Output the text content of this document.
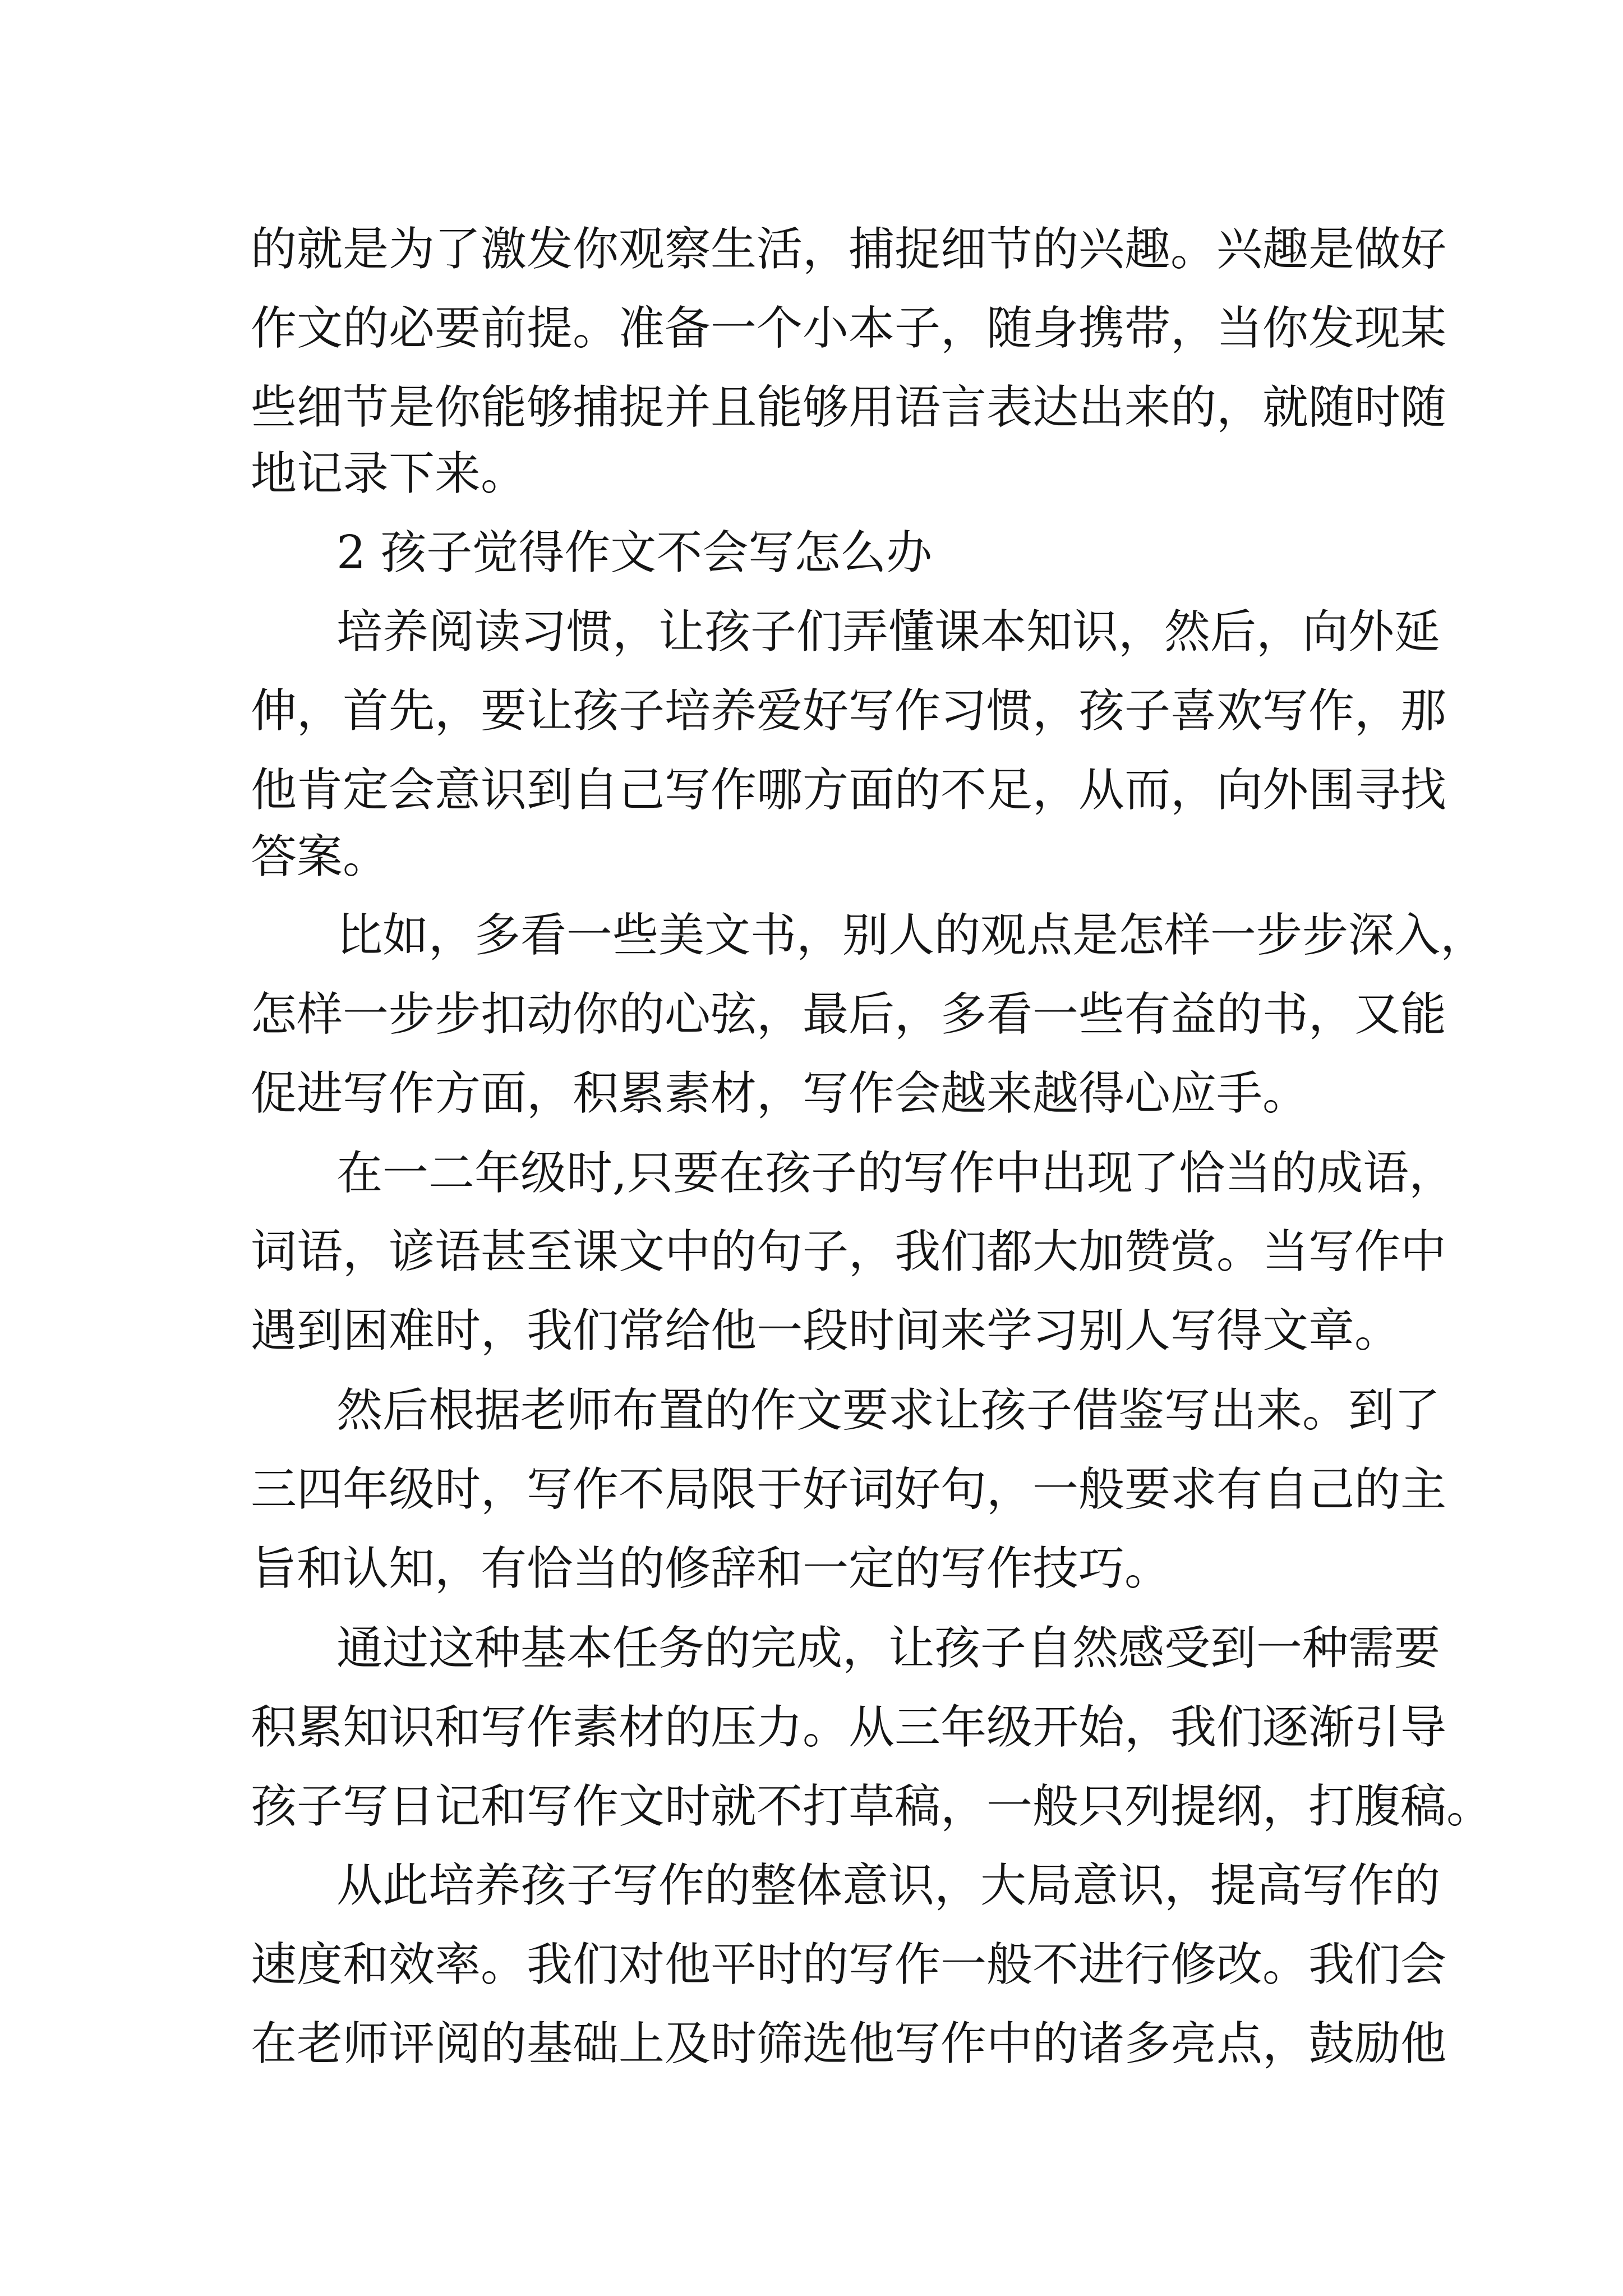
的就是为了激发你观察生活，捕捉细节的兴趣。兴趣是做好
作文的必要前提。准备一个小本子，随身携带，当你发现某
些细节是你能够捕捉并且能够用语言表达出来的，就随时随
地记录下来。
2 孩子觉得作文不会写怎么办
培养阅读习惯，让孩子们弄懂课本知识，然后，向外延
伸，首先，要让孩子培养爱好写作习惯，孩子喜欢写作，那
他肯定会意识到自己写作哪方面的不足，从而，向外围寻找
答案。
比如，多看一些美文书，别人的观点是怎样一步步深入，
怎样一步步扣动你的心弦，最后，多看一些有益的书，又能
促进写作方面，积累素材，写作会越来越得心应手。
在一二年级时,只要在孩子的写作中出现了恰当的成语，
词语，谚语甚至课文中的句子，我们都大加赞赏。当写作中
遇到困难时，我们常给他一段时间来学习别人写得文章。
然后根据老师布置的作文要求让孩子借鉴写出来。到了
三四年级时，写作不局限于好词好句，一般要求有自己的主
旨和认知，有恰当的修辞和一定的写作技巧。
通过这种基本任务的完成，让孩子自然感受到一种需要
积累知识和写作素材的压力。从三年级开始，我们逐渐引导
孩子写日记和写作文时就不打草稿，一般只列提纲，打腹稿。
从此培养孩子写作的整体意识，大局意识，提高写作的
速度和效率。我们对他平时的写作一般不进行修改。我们会
在老师评阅的基础上及时筛选他写作中的诸多亮点，鼓励他
